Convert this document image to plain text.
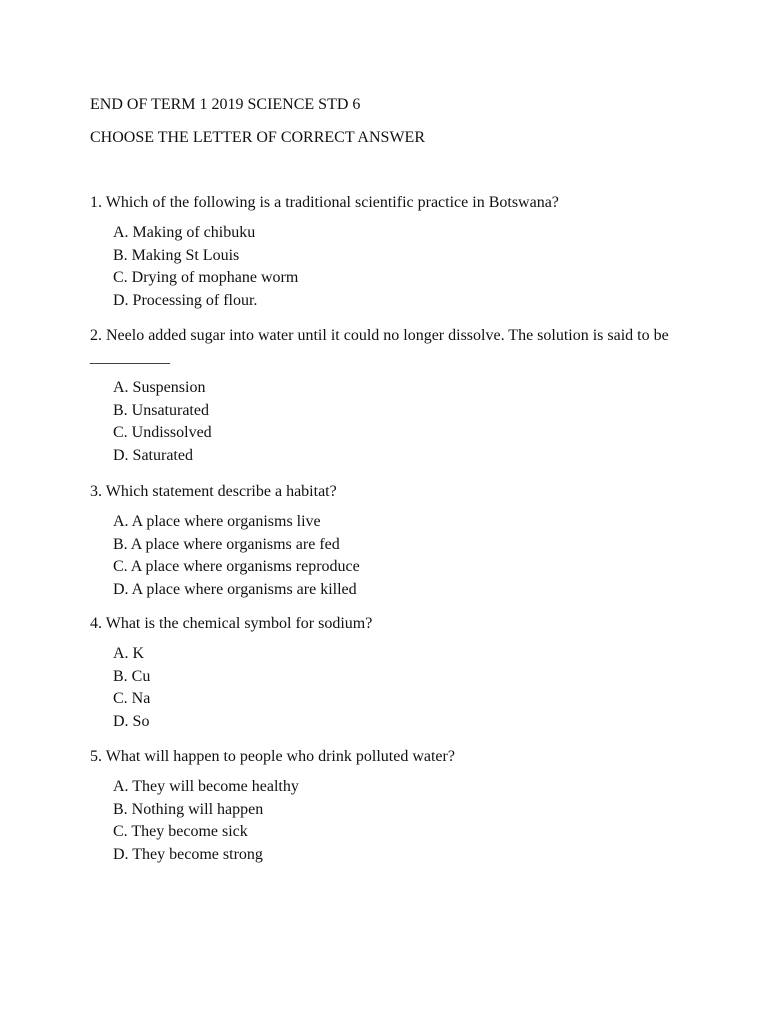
END OF TERM 1 2019 SCIENCE STD 6
CHOOSE THE LETTER OF CORRECT ANSWER

1. Which of the following is a traditional scientific practice in Botswana?

A. Making of chibuku
B. Making St Louis
C. Drying of mophane worm
D. Processing of flour.

2. Neelo added sugar into water until it could no longer dissolve. The solution is said to be __________

A. Suspension
B. Unsaturated
C. Undissolved
D. Saturated

3. Which statement describe a habitat?

A. A place where organisms live
B. A place where organisms are fed
C. A place where organisms reproduce
D. A place where organisms are killed

4. What is the chemical symbol for sodium?

A. K
B. Cu
C. Na
D. So

5. What will happen to people who drink polluted water?

A. They will become healthy
B. Nothing will happen
C. They become sick
D. They become strong
